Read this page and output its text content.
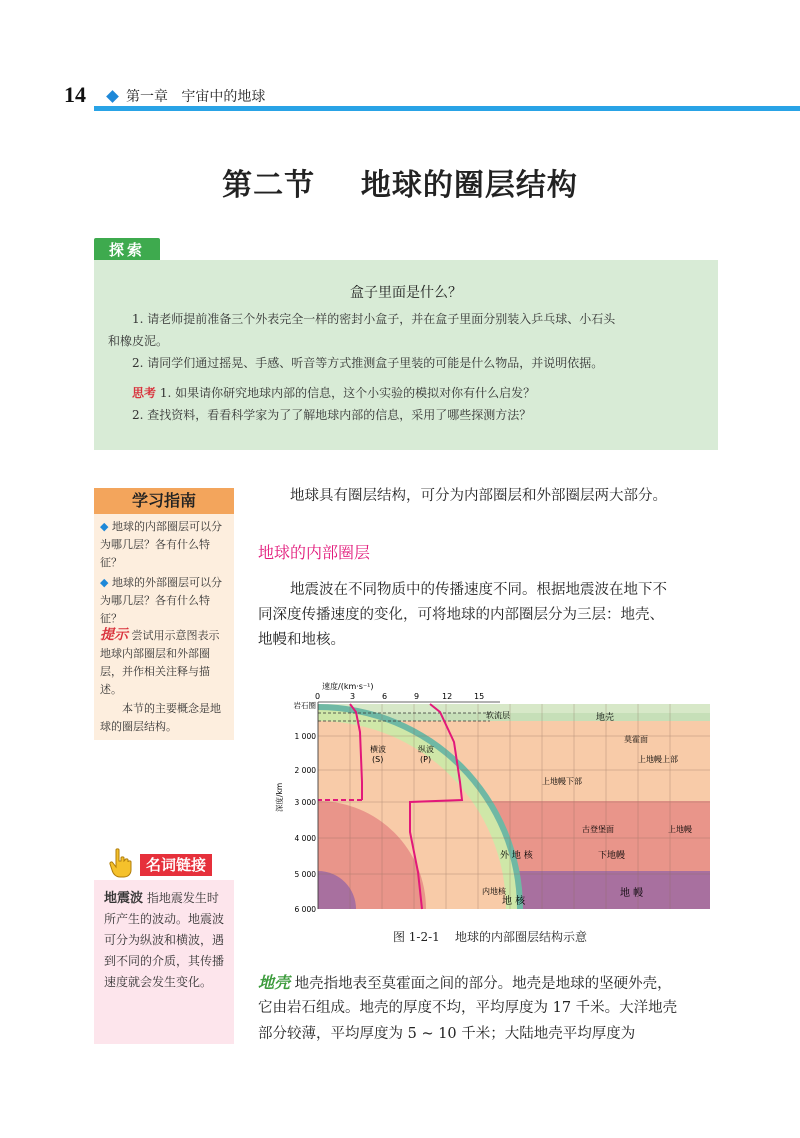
14	第一章   宇宙中的地球
第二节    地球的圈层结构
探索
盒子里面是什么？
1. 请老师提前准备三个外表完全一样的密封小盒子，并在盒子里面分别装入乒乓球、小石头
和橡皮泥。
2. 请同学们通过摇晃、手感、听音等方式推测盒子里装的可能是什么物品，并说明依据。
思考 1. 如果请你研究地球内部的信息，这个小实验的模拟对你有什么启发？
2. 查找资料，看看科学家为了了解地球内部的信息，采用了哪些探测方法？
学习指南
◆ 地球的内部圈层可以分为哪几层？各有什么特征？
◆ 地球的外部圈层可以分为哪几层？各有什么特征？
提示 尝试用示意图表示地球内部圈层和外部圈层，并作相关注释与描述。
本节的主要概念是地球的圈层结构。
名词链接
地震波 指地震发生时所产生的波动。地震波可分为纵波和横波，遇到不同的介质，其传播速度就会发生变化。
地球具有圈层结构，可分为内部圈层和外部圈层两大部分。
地球的内部圈层
地震波在不同物质中的传播速度不同。根据地震波在地下不
同深度传播速度的变化，可将地球的内部圈层分为三层：地壳、
地幔和地核。
速度/(km·s⁻¹)
0	3	6	9	12	15
岩石圈
1 000
2 000
3 000
4 000
5 000
6 000
深度/km
横波
(S)
纵波
(P)
软流层	地壳
莫霍面
上地幔上部
上地幔下部
古登堡面	上地幔
外 地 核	下地幔
内地核
地 核
地 幔
图 1-2-1    地球的内部圈层结构示意
地壳 地壳指地表至莫霍面之间的部分。地壳是地球的坚硬外壳，
它由岩石组成。地壳的厚度不均，平均厚度为 17 千米。大洋地壳
部分较薄，平均厚度为 5 ~ 10 千米；大陆地壳平均厚度为
